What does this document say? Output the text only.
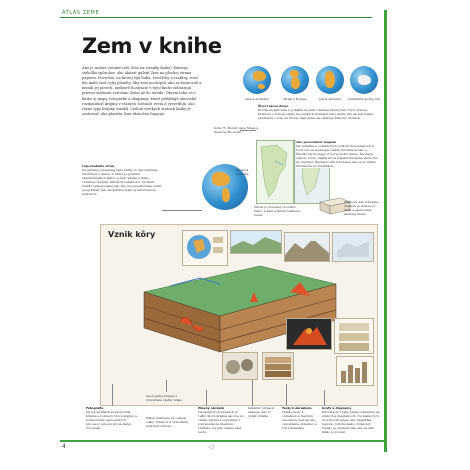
ATLAS ZEME
4	◁
Zem v knihe
Ako je možné vtesnať celú Zem na stranky knihy? Existuje viekoľko spôsobov, ako ukázať guľatú Zem na plochej strane papiera. Povrchia, na ktorej žijú ľudia, živočíchy a rastliny, tvorí len malú časť celej planéty. Aby sme pochopili, ako sa formovali a menili jej povrch, niektoré ilustrácie v tejto knihe zobrazujú prierez vnútrom vrstvami Zeme až do stredu. Okrem toho sú v knihe aj mapy, fotografie a diagramy, ktoré približujú obrovské rozmanitosť krajiny v rôznych častiach sveta a vysvetľujú, ako rôzne typy krajiny vznikli. Cieľom všetkých stránok knihy je zostrovať, ako planéta Zem skutočne funguje.
Ázia a Austrália	Afrika a Európa	Južná Amerika	Antarktída (Južný pól)
Štvrť tvárou Zeme
Ploché na Skrčenie a pohľade na Zem z každej strany tieto štyri glóbusy. Hodnoty o tom sa objaví na všetkých stranách tejto knihy, aby sa mal lepšia predstava o tom, ku ktorej časti Zeme sa vzťahuje Šikovný obrázok.
Kóta 75. Bunch Gaps Mapa a Severne Mocnosti
Severná Amerika
Ako porozumieť mapám
Na začiatku a v niektorých rozličných kontextoch a tvorcoch sa zaoberajú všetky informácie tak vo Šmolkovitých mapy. Z pol povrchu Zeme. Na mapy výmoly z toho najmä ktoré trajektoria Zeme skutočne sa objavujú. Bezbarvovitá zobrazení Ako sa je všetky informácie na stránkach.
Obraz je dovolený pre tento názov a Zem a ľaďom reálneho sveta.
Vrstvová Ako zobrazia obrázok je modelový doku a sledovanie aktívnej Zeme.
Usporiadanie strán
Dvojstrany rozdelenej tejto knihy sú usporiadanie informácií o Zeme. V rámci je prehľad najdôležitejších faktov a tém. Všetkou mimo obsahuje obrázky hlavných redaktorov na Zemi. Všetky vymenovanie tak, aby na vysvetľovanie veľmi geografický tak. Dvojstrany majú aj tak stranovú ilustráciu.
Vznik kôry
Fotografie
Na fotografiách sa zachytená krajina a rozmery, ktoré krajinu a komponenty geologických procesov opisujú pri na danej fotografii.
Geologické krajiny a vysvetlené všetky údaje
Hlavé ilustrácie sú celkom veľký obrazový a vysvetlený ilustrácií textom.
Hlavný obrázok
Na niektorých stranách je veľký, ktorá krajina ako nie sú všetky hlavné a vysvetľujú v zobrazenie na hlavnom obrázku, na jeho strane časť textu.
Detailný obrázok ukazuje, ako to vidieť zblízka
Texty k obrázkom
Všetky texty k obrázkom a čiernym všeobecne textom ako vysvetlenia obrázkov a ich zobrazenie.
Grafy a diagramy
Informácie v tejto knihe zobrazené na grafoch a diagramoch. Na niektorých sú užitočné údaje, ako napríklad teplota, rozloha alebo výška hôr. Všetky je uvedené tak, aby sa dali ľahko porovnať.
